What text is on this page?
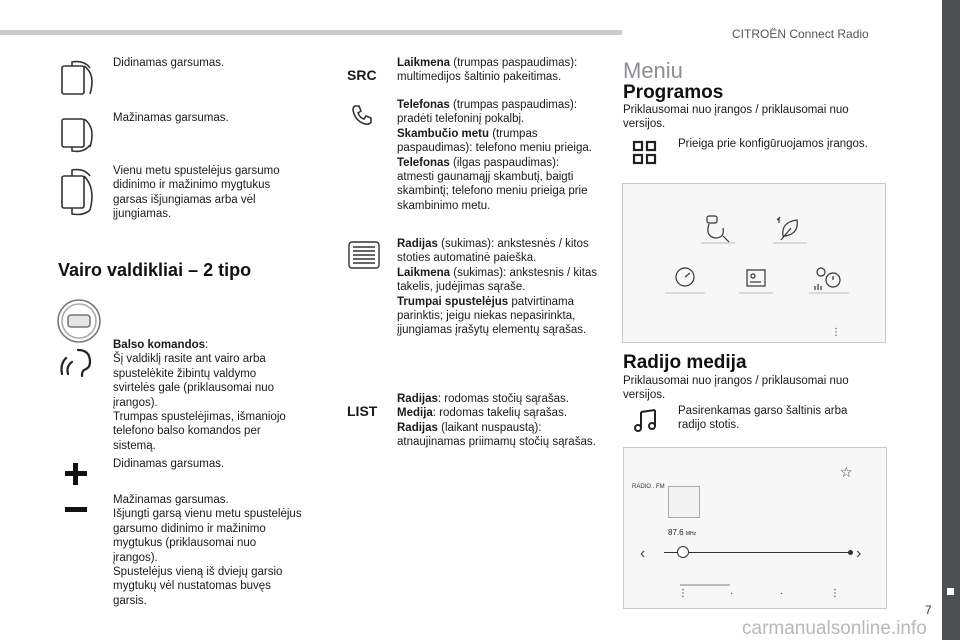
CITROËN Connect Radio
7
Didinamas garsumas.
Mažinamas garsumas.
Vienu metu spustelėjus garsumo didinimo ir mažinimo mygtukus garsas išjungiamas arba vėl įjungiamas.
Vairo valdikliai – 2 tipo
Balso komandos:
Šį valdiklį rasite ant vairo arba spustelėkite žibintų valdymo svirtelės gale (priklausomai nuo įrangos).
Trumpas spustelėjimas, išmaniojo telefono balso komandos per sistemą.
Didinamas garsumas.
Mažinamas garsumas.
Išjungti garsą vienu metu spustelėjus garsumo didinimo ir mažinimo mygtukus (priklausomai nuo įrangos).
Spustelėjus vieną iš dviejų garsio mygtukų vėl nustatomas buvęs garsis.
SRC
Laikmena (trumpas paspaudimas): multimedijos šaltinio pakeitimas.
Telefonas (trumpas paspaudimas): pradėti telefoninį pokalbį.
Skambučio metu (trumpas paspaudimas): telefono meniu prieiga.
Telefonas (ilgas paspaudimas): atmesti gaunamąjį skambutį, baigti skambintį; telefono meniu prieiga prie skambinimo metu.
Radijas (sukimas): ankstesnės / kitos stoties automatinė paieška.
Laikmena (sukimas): ankstesnis / kitas takelis, judėjimas sąraše.
Trumpai spustelėjus patvirtinama parinktis; jeigu niekas nepasirinkta, įjungiamas įrašytų elementų sąrašas.
LIST
Radijas: rodomas stočių sąrašas.
Medija: rodomas takelių sąrašas.
Radijas (laikant nuspaustą): atnaujinamas priimamų stočių sąrašas.
Meniu
Programos
Priklausomai nuo įrangos / priklausomai nuo versijos.
Prieiga prie konfigūruojamos įrangos.
⋮
Radijo medija
Priklausomai nuo įrangos / priklausomai nuo versijos.
Pasirenkamas garso šaltinis arba radijo stotis.
RADIO . FM
☆
87.6 MHz
‹	›
⋮	·	·	⋮
carmanualsonline.info
